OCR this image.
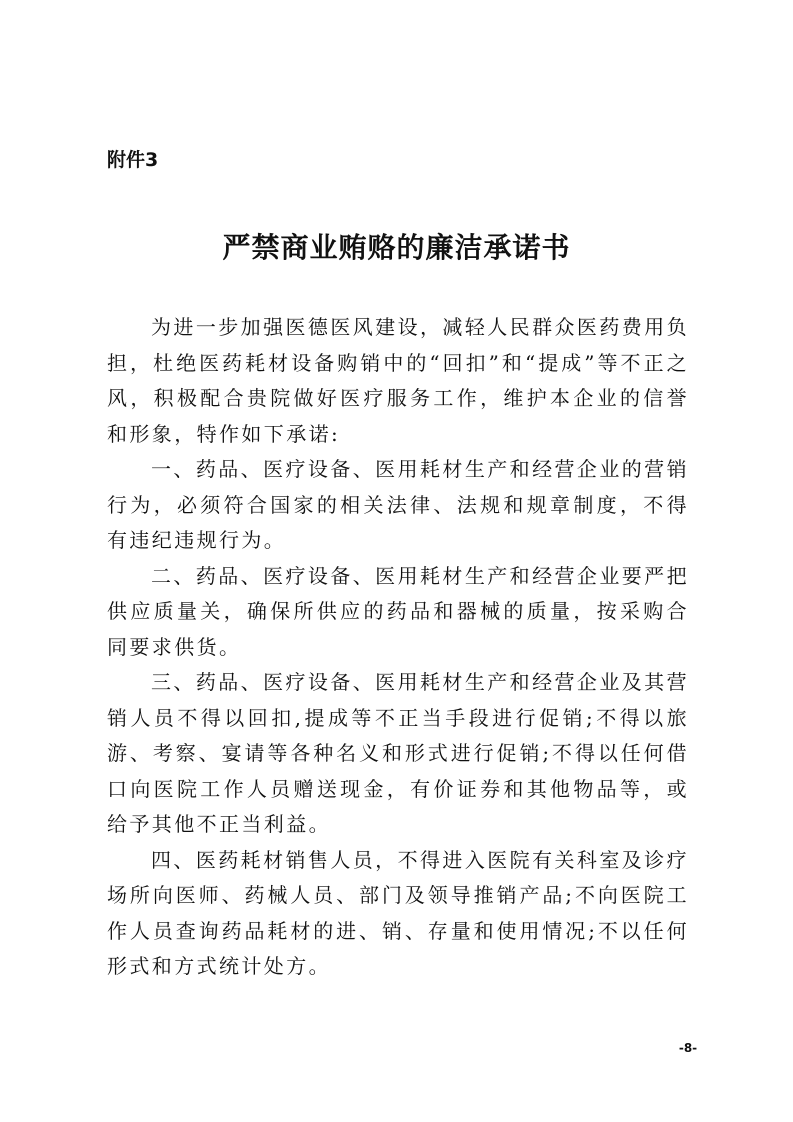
附件3
严禁商业贿赂的廉洁承诺书

为进一步加强医德医风建设，减轻人民群众医药费用负担，杜绝医药耗材设备购销中的“回扣”和“提成”等不正之风，积极配合贵院做好医疗服务工作，维护本企业的信誉和形象，特作如下承诺:

一、药品、医疗设备、医用耗材生产和经营企业的营销行为，必须符合国家的相关法律、法规和规章制度，不得有违纪违规行为。

二、药品、医疗设备、医用耗材生产和经营企业要严把供应质量关，确保所供应的药品和器械的质量，按采购合同要求供货。

三、药品、医疗设备、医用耗材生产和经营企业及其营销人员不得以回扣,提成等不正当手段进行促销;不得以旅游、考察、宴请等各种名义和形式进行促销;不得以任何借口向医院工作人员赠送现金，有价证券和其他物品等，或给予其他不正当利益。

四、医药耗材销售人员，不得进入医院有关科室及诊疗场所向医师、药械人员、部门及领导推销产品;不向医院工作人员查询药品耗材的进、销、存量和使用情况;不以任何形式和方式统计处方。

-8-
